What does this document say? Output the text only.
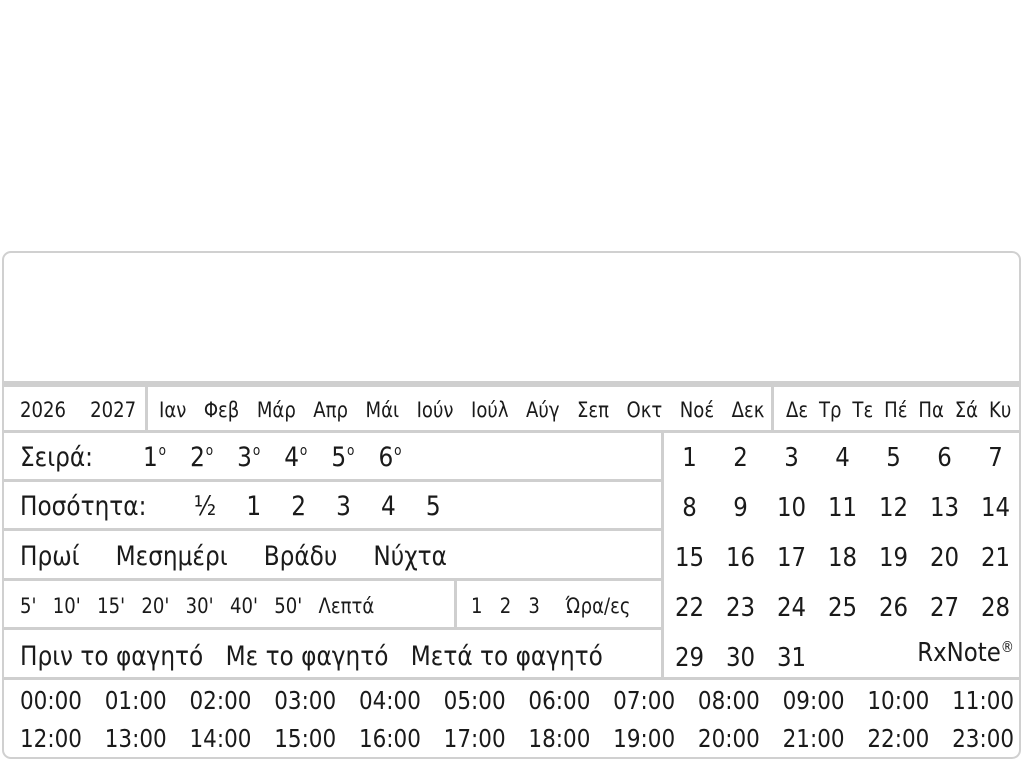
2026 2027 Ιαν Φεβ Μάρ Απρ Μάι Ιούν Ιούλ Αύγ Σεπ Οκτ Νοέ Δεκ Δε Τρ Τε Πέ Πα Σά Κυ
Σειρά:	$1^o$ $2^o$ $3^o$ $4^o$ $5^o$ $6^o$
Ποσότητα:	½ 1 2 3 4 5
Πρωί Μεσημέρι Βράδυ Νύχτα
5' 10' 15' 20' 30' 40' 50' Λεπτά	1 2 3 Ώρα/ες
Πριν το φαγητό Με το φαγητό Μετά το φαγητό
1	2	3	4	5	6	7
8	9	10 11 12 13 14
15 16 17 18 19 20 21
22 23 24 25 26 27 28
29 30 31	RxNote®
00:00 01:00 02:00 03:00 04:00 05:00 06:00 07:00 08:00 09:00 10:00 11:00
12:00 13:00 14:00 15:00 16:00 17:00 18:00 19:00 20:00 21:00 22:00 23:00
